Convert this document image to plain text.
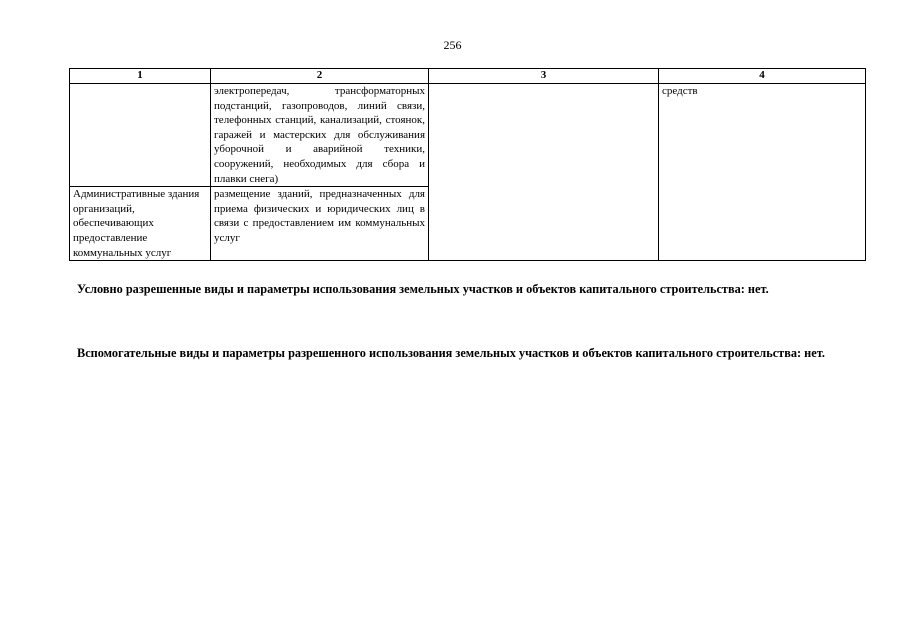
256
1	2	3	4
	электропередач, трансформаторных подстанций, газопроводов, линий связи, телефонных станций, канализаций, стоянок, гаражей и мастерских для обслуживания уборочной и аварийной техники, сооружений, необходимых для сбора и плавки снега)		средств
Административные здания организаций, обеспечивающих предоставление коммунальных услуг	размещение зданий, предназначенных для приема физических и юридических лиц в связи с предоставлением им коммунальных услуг		

Условно разрешенные виды и параметры использования земельных участков и объектов капитального строительства: нет.

Вспомогательные виды и параметры разрешенного использования земельных участков и объектов капитального строительства: нет.
